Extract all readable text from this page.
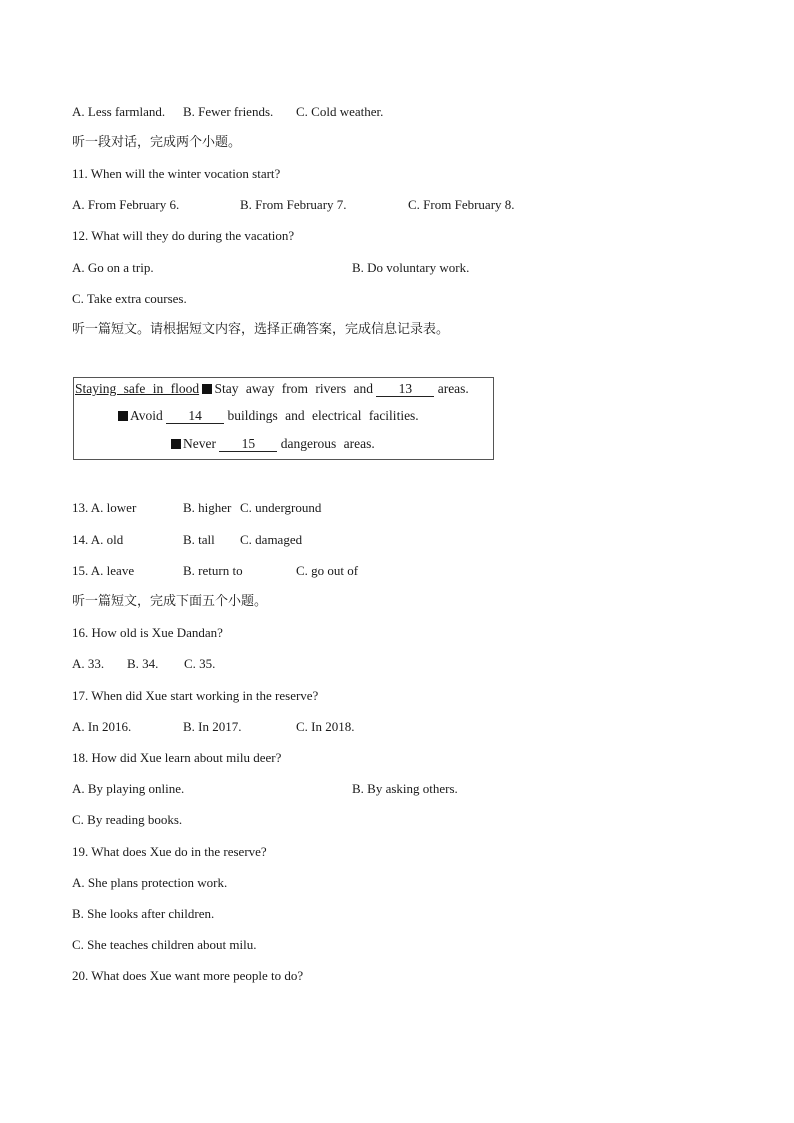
A. Less farmland. B. Fewer friends. C. Cold weather.
听一段对话，完成两个小题。
11. When will the winter vocation start?
A. From February 6.	B. From February 7.	C. From February 8.
12. What will they do during the vacation?
A. Go on a trip.	B. Do voluntary work.
C. Take extra courses.
听一篇短文。请根据短文内容，选择正确答案，完成信息记录表。
Staying safe in flood Stay away from rivers and 13 areas.
Avoid 14 buildings and electrical facilities.
Never 15 dangerous areas.
13. A. lower	B. higher C. underground
14. A. old	B. tall C. damaged
15. A. leave	B. return to	C. go out of
听一篇短文，完成下面五个小题。
16. How old is Xue Dandan?
A. 33. B. 34. C. 35.
17. When did Xue start working in the reserve?
A. In 2016.	B. In 2017.	C. In 2018.
18. How did Xue learn about milu deer?
A. By playing online.	B. By asking others.
C. By reading books.
19. What does Xue do in the reserve?
A. She plans protection work.
B. She looks after children.
C. She teaches children about milu.
20. What does Xue want more people to do?
